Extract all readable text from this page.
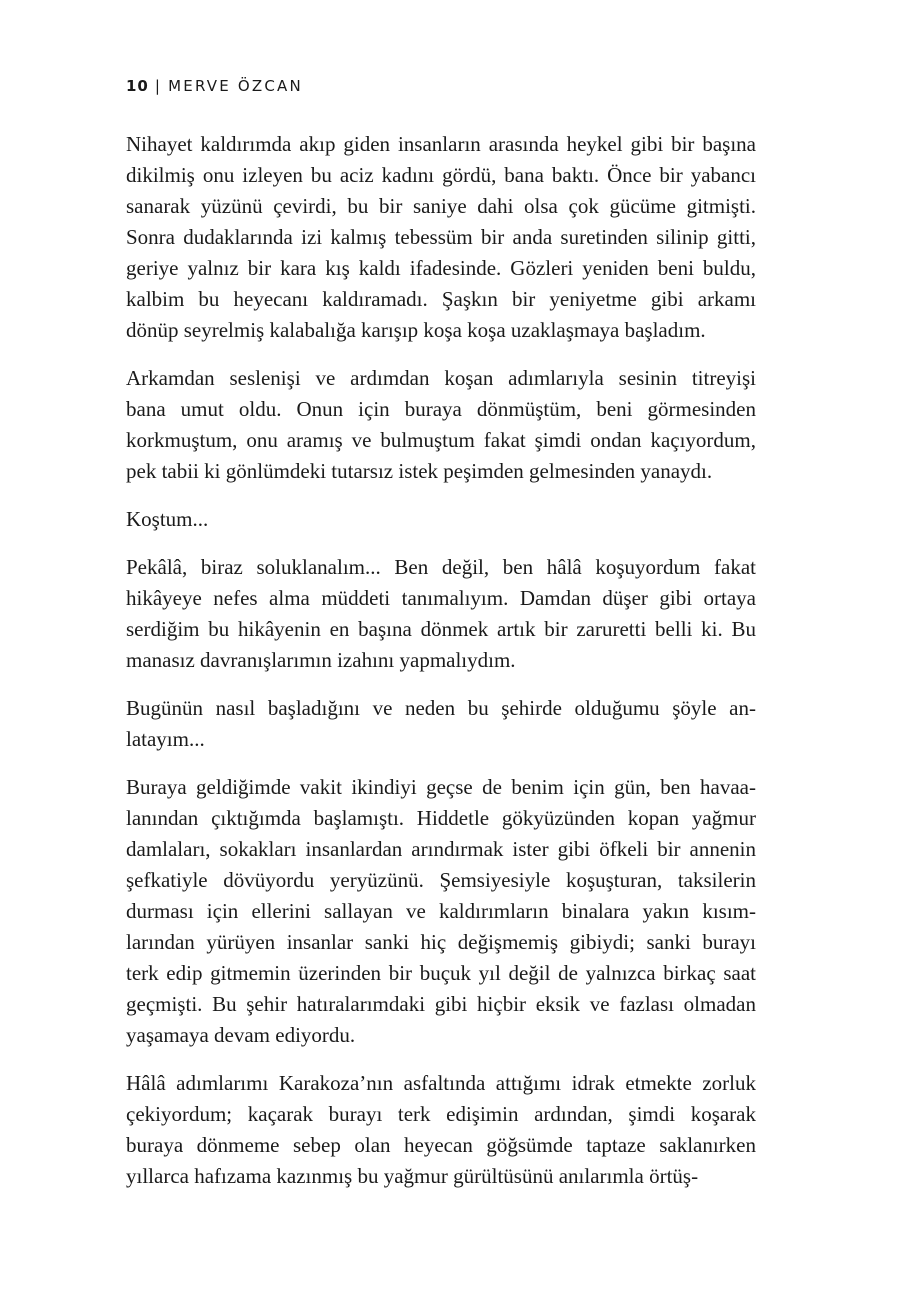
10 | MERVE ÖZCAN
Nihayet kaldırımda akıp giden insanların arasında heykel gibi bir başına
dikilmiş onu izleyen bu aciz kadını gördü, bana baktı. Önce bir yabancı
sanarak yüzünü çevirdi, bu bir saniye dahi olsa çok gücüme gitmişti.
Sonra dudaklarında izi kalmış tebessüm bir anda suretinden silinip gitti,
geriye yalnız bir kara kış kaldı ifadesinde. Gözleri yeniden beni buldu,
kalbim bu heyecanı kaldıramadı. Şaşkın bir yeniyetme gibi arkamı
dönüp seyrelmiş kalabalığa karışıp koşa koşa uzaklaşmaya başladım.
Arkamdan seslenişi ve ardımdan koşan adımlarıyla sesinin titreyişi
bana umut oldu. Onun için buraya dönmüştüm, beni görmesinden
korkmuştum, onu aramış ve bulmuştum fakat şimdi ondan kaçıyordum,
pek tabii ki gönlümdeki tutarsız istek peşimden gelmesinden yanaydı.
Koştum...
Pekâlâ, biraz soluklanalım... Ben değil, ben hâlâ koşuyordum fakat
hikâyeye nefes alma müddeti tanımalıyım. Damdan düşer gibi ortaya
serdiğim bu hikâyenin en başına dönmek artık bir zaruretti belli ki. Bu
manasız davranışlarımın izahını yapmalıydım.
Bugünün nasıl başladığını ve neden bu şehirde olduğumu şöyle an-
latayım...
Buraya geldiğimde vakit ikindiyi geçse de benim için gün, ben havaa-
lanından çıktığımda başlamıştı. Hiddetle gökyüzünden kopan yağmur
damlaları, sokakları insanlardan arındırmak ister gibi öfkeli bir annenin
şefkatiyle dövüyordu yeryüzünü. Şemsiyesiyle koşuşturan, taksilerin
durması için ellerini sallayan ve kaldırımların binalara yakın kısım-
larından yürüyen insanlar sanki hiç değişmemiş gibiydi; sanki burayı
terk edip gitmemin üzerinden bir buçuk yıl değil de yalnızca birkaç saat
geçmişti. Bu şehir hatıralarımdaki gibi hiçbir eksik ve fazlası olmadan
yaşamaya devam ediyordu.
Hâlâ adımlarımı Karakoza’nın asfaltında attığımı idrak etmekte zorluk
çekiyordum; kaçarak burayı terk edişimin ardından, şimdi koşarak
buraya dönmeme sebep olan heyecan göğsümde taptaze saklanırken
yıllarca hafızama kazınmış bu yağmur gürültüsünü anılarımla örtüş-
